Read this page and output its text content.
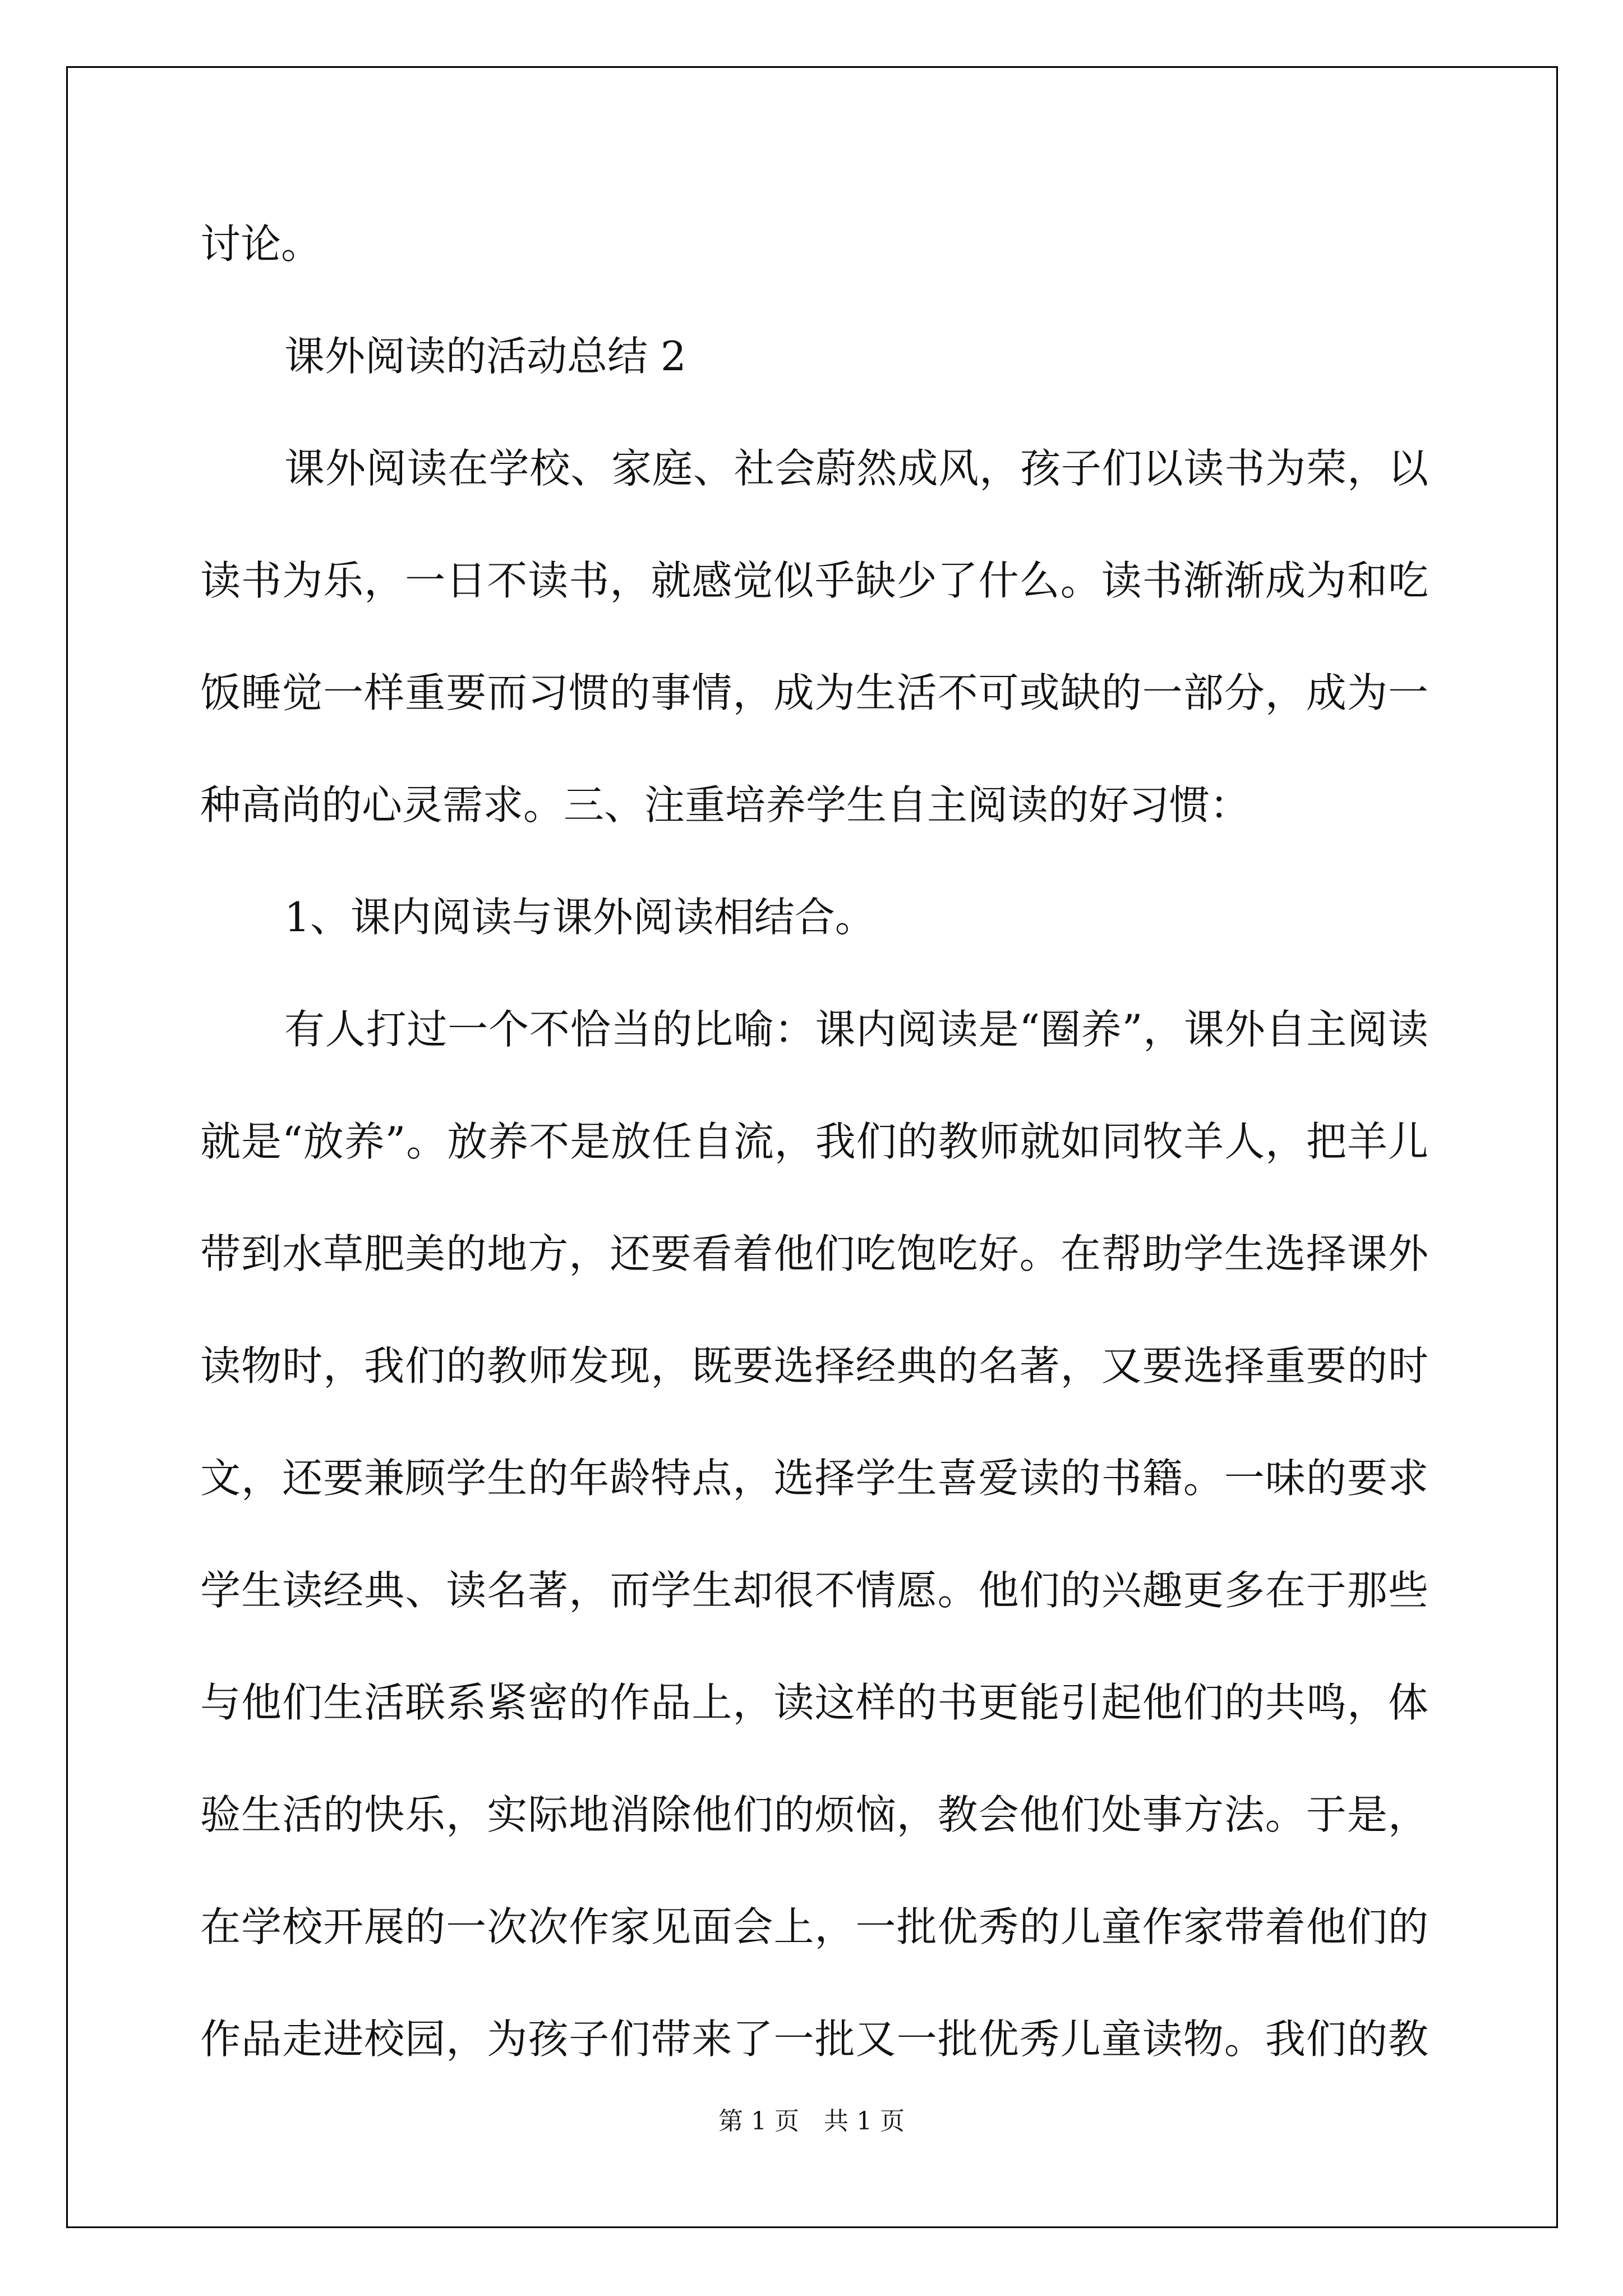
讨论。
课外阅读的活动总结 2
课外阅读在学校、家庭、社会蔚然成风，孩子们以读书为荣，以
读书为乐，一日不读书，就感觉似乎缺少了什么。读书渐渐成为和吃
饭睡觉一样重要而习惯的事情，成为生活不可或缺的一部分，成为一
种高尚的心灵需求。三、注重培养学生自主阅读的好习惯：
1、课内阅读与课外阅读相结合。
有人打过一个不恰当的比喻：课内阅读是“圈养”，课外自主阅读
就是“放养”。放养不是放任自流，我们的教师就如同牧羊人，把羊儿
带到水草肥美的地方，还要看着他们吃饱吃好。在帮助学生选择课外
读物时，我们的教师发现，既要选择经典的名著，又要选择重要的时
文，还要兼顾学生的年龄特点，选择学生喜爱读的书籍。一味的要求
学生读经典、读名著，而学生却很不情愿。他们的兴趣更多在于那些
与他们生活联系紧密的作品上，读这样的书更能引起他们的共鸣，体
验生活的快乐，实际地消除他们的烦恼，教会他们处事方法。于是，
在学校开展的一次次作家见面会上，一批优秀的儿童作家带着他们的
作品走进校园，为孩子们带来了一批又一批优秀儿童读物。我们的教
第 1 页　共 1 页
